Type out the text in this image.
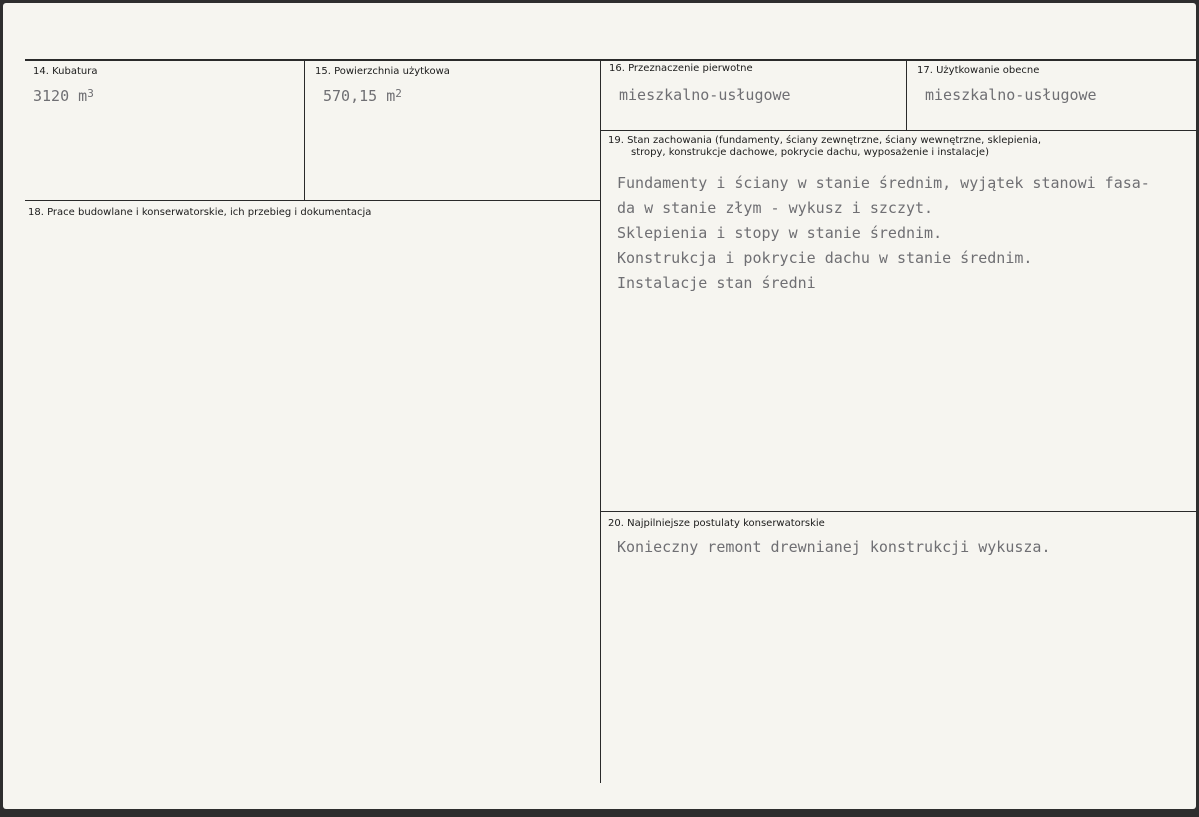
14. Kubatura
3120 $m^3$
15. Powierzchnia użytkowa
570,15 $m^2$
16. Przeznaczenie pierwotne
mieszkalno-usługowe
17. Użytkowanie obecne
mieszkalno-usługowe
18. Prace budowlane i konserwatorskie, ich przebieg i dokumentacja
19. Stan zachowania (fundamenty, ściany zewnętrzne, ściany wewnętrzne, sklepienia,
stropy, konstrukcje dachowe, pokrycie dachu, wyposażenie i instalacje)
Fundamenty i ściany w stanie średnim, wyjątek stanowi fasa-
da w stanie złym - wykusz i szczyt.
Sklepienia i stopy w stanie średnim.
Konstrukcja i pokrycie dachu w stanie średnim.
Instalacje stan średni
20. Najpilniejsze postulaty konserwatorskie
Konieczny remont drewnianej konstrukcji wykusza.
